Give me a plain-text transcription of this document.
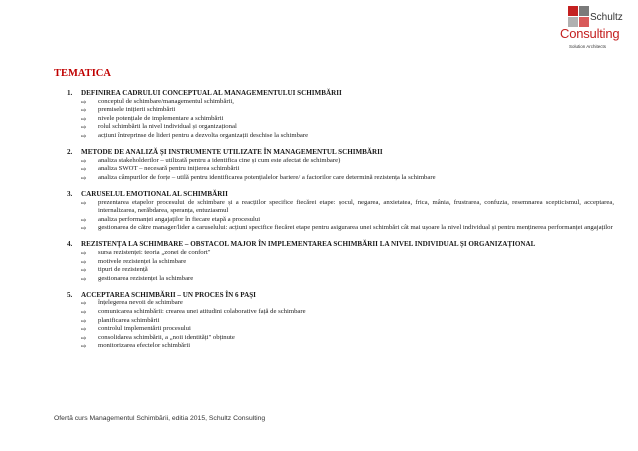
Schultz
Consulting
Solution Architects
TEMATICA
1. DEFINIREA CADRULUI CONCEPTUAL AL MANAGEMENTULUI SCHIMBĂRII
⇨ conceptul de schimbare/managementul schimbării,
⇨ premisele inițierii schimbării
⇨ nivele potențiale de implementare a schimbării
⇨ rolul schimbării la nivel individual și organizațional
⇨ acțiuni întreprinse de lideri pentru a dezvolta organizații deschise la schimbare
2. METODE DE ANALIZĂ ȘI INSTRUMENTE UTILIZATE ÎN MANAGEMENTUL SCHIMBĂRII
⇨ analiza stakeholderilor – utilizată pentru a identifica cine și cum este afectat de schimbare)
⇨ analiza SWOT – necesară pentru inițierea schimbării
⇨ analiza câmpurilor de forțe – utilă pentru identificarea potențialelor bariere/ a factorilor care determină rezistența la schimbare
3. CARUSELUL EMOTIONAL AL SCHIMBĂRII
⇨ prezentarea etapelor procesului de schimbare și a reacțiilor specifice fiecărei etape: șocul, negarea, anxietatea, frica, mânia, frustrarea, confuzia, resemnarea scepticismul, acceptarea, internalizarea, nerăbdarea, speranța, entuziasmul
⇨ analiza performanței angajaților în fiecare etapă a procesului
⇨ gestionarea de către manager/lider a caruselului: acțiuni specifice fiecărei etape pentru asigurarea unei schimbări cât mai ușoare la nivel individual și pentru menținerea performanței angajaților
4. REZISTENȚA LA SCHIMBARE – OBSTACOL MAJOR ÎN IMPLEMENTAREA SCHIMBĂRII LA NIVEL INDIVIDUAL ȘI ORGANIZAȚIONAL
⇨ sursa rezistenței: teoria „zonei de confort"
⇨ motivele rezistenței la schimbare
⇨ tipuri de rezistență
⇨ gestionarea rezistenței la schimbare
5. ACCEPTAREA SCHIMBĂRII – UN PROCES ÎN 6 PAȘI
⇨ înțelegerea nevoii de schimbare
⇨ comunicarea schimbării: crearea unei atitudini colaborative față de schimbare
⇨ planificarea schimbării
⇨ controlul implementării procesului
⇨ consolidarea schimbării, a „noii identități" obținute
⇨ monitorizarea efectelor schimbării
Ofertă curs Managementul Schimbării, editia 2015, Schultz Consulting
